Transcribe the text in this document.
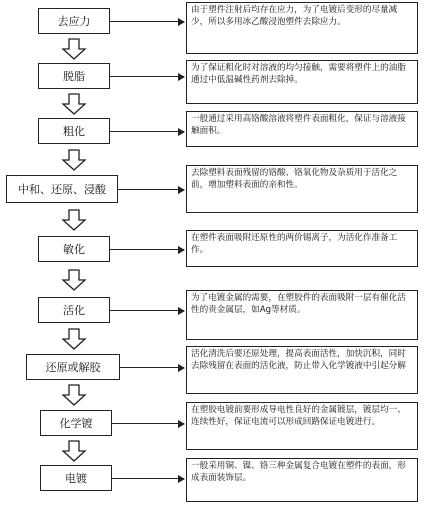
去应力
由于塑件注射后均存在应力，为了电镀后变形的尽量减少，所以多用冰乙酸浸泡塑件去除应力。
脱脂
为了保证粗化时对溶液的均匀接触，需要将塑件上的油脂通过中低温碱性药剂去除掉。
粗化
一般通过采用高铬酸溶液将塑件表面粗化，保证与溶液接触面积。
中和、还原、浸酸
去除塑料表面残留的铬酸、铬氧化物及杂质用于活化之前，增加塑料表面的亲和性。
敏化
在塑件表面吸附还原性的两价锡离子，为活化作准备工作。
活化
为了电镀金属的需要，在塑胶件的表面吸附一层有催化活性的贵金属层，如Ag等材质。
还原或解胶
活化清洗后要还原处理，提高表面活性，加快沉积，同时去除残留在表面的活化液，防止带入化学镀液中引起分解
化学镀
在塑胶电镀前要形成导电性良好的金属镀层，镀层均一、连续性好，保证电流可以形成回路保证电镀进行。
电镀
一般采用铜、镍、铬三种金属复合电镀在塑件的表面，形成表面装饰层。
